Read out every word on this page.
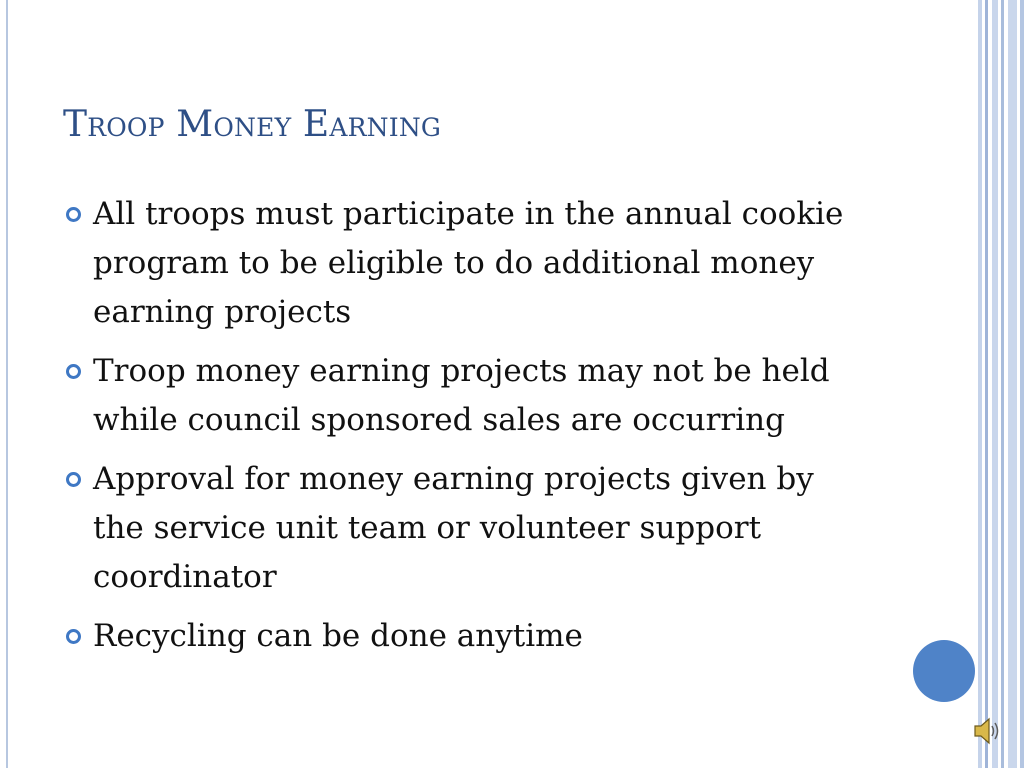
Troop Money Earning
All troops must participate in the annual cookie program to be eligible to do additional money earning projects
Troop money earning projects may not be held while council sponsored sales are occurring
Approval for money earning projects given by the service unit team or volunteer support coordinator
Recycling can be done anytime
